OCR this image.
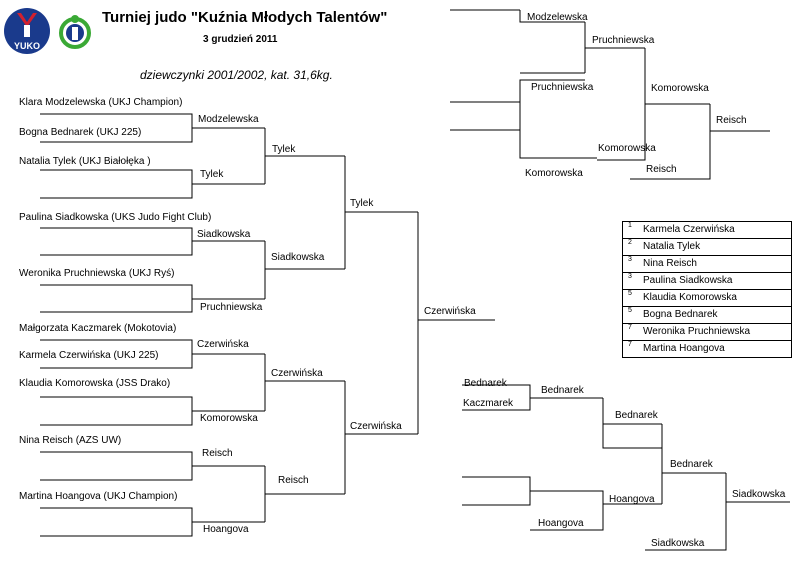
YUKO
Turniej judo "Kuźnia Młodych Talentów"
3 grudzień 2011
dziewczynki 2001/2002, kat. 31,6kg.
Klara Modzelewska (UKJ Champion)
Bogna Bednarek (UKJ 225)
Natalia Tylek (UKJ Białołęka )
Paulina Siadkowska (UKS Judo Fight Club)
Weronika Pruchniewska (UKJ Ryś)
Małgorzata Kaczmarek (Mokotovia)
Karmela Czerwińska (UKJ 225)
Klaudia Komorowska (JSS Drako)
Nina Reisch (AZS UW)
Martina Hoangova (UKJ Champion)
Modzelewska
Tylek
Siadkowska
Pruchniewska
Czerwińska
Komorowska
Reisch
Hoangova
Tylek
Siadkowska
Czerwińska
Reisch
Tylek
Czerwińska
Czerwińska
Modzelewska
Pruchniewska
Pruchniewska	Komorowska
Reisch
Komorowska
Reisch
Komorowska
1 Karmela Czerwińska
2 Natalia Tylek
3 Nina Reisch
3 Paulina Siadkowska
5 Klaudia Komorowska
5 Bogna Bednarek
7 Weronika Pruchniewska
7 Martina Hoangova
Bednarek
Bednarek
Kaczmarek
Bednarek
Bednarek
Siadkowska
Hoangova
Hoangova
Siadkowska
